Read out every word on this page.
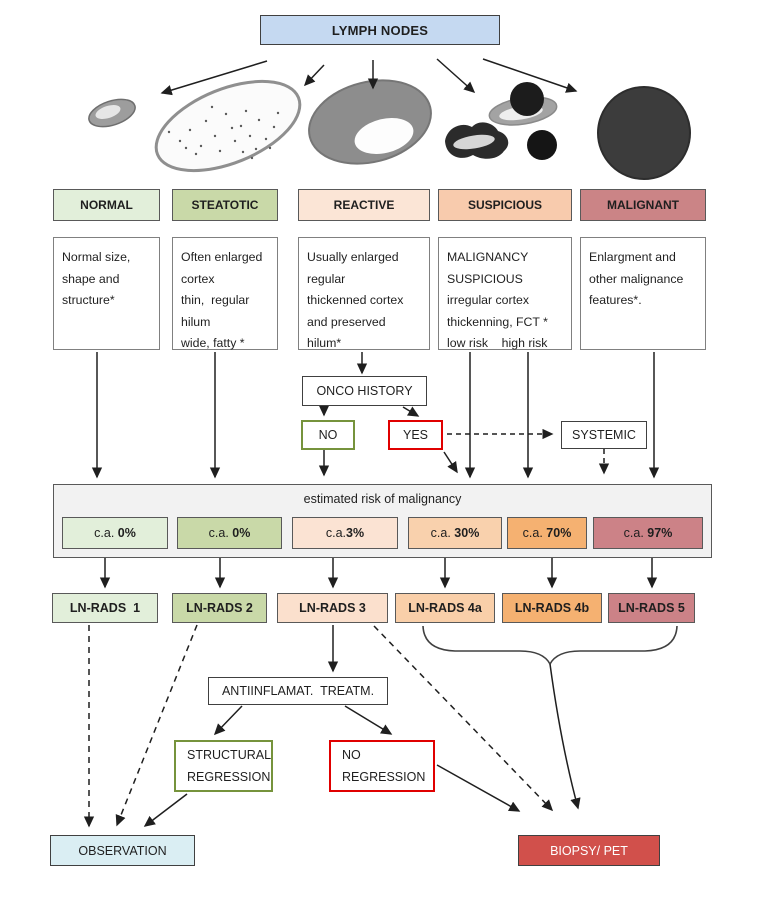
LYMPH NODES
NORMAL	STEATOTIC	REACTIVE	SUSPICIOUS	MALIGNANT
Normal size,
shape and
structure*
Often enlarged
cortex
thin,  regular
hilum
wide, fatty *
Usually enlarged
regular
thickenned cortex
and preserved
hilum*
MALIGNANCY
SUSPICIOUS
irregular cortex
thickenning, FCT *
low risk    high risk
Enlargment and
other malignance
features*.
ONCO HISTORY
NO	YES	SYSTEMIC
estimated risk of malignancy
c.a. 0%	c.a. 0%	c.a. 3%	c.a. 30%	c.a. 70%	c.a. 97%
LN-RADS  1	LN-RADS 2	LN-RADS 3	LN-RADS 4a	LN-RADS 4b	LN-RADS 5
ANTIINFLAMAT.  TREATM.
STRUCTURAL
REGRESSION
NO
REGRESSION
OBSERVATION	BIOPSY/ PET
